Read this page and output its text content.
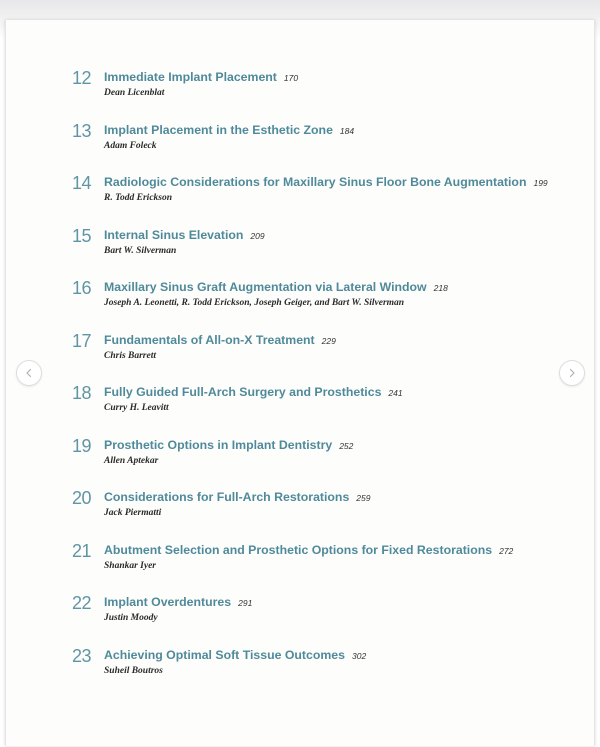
12	Immediate Implant Placement 170
Dean Licenblat
13	Implant Placement in the Esthetic Zone 184
Adam Foleck
14	Radiologic Considerations for Maxillary Sinus Floor Bone Augmentation 199
R. Todd Erickson
15	Internal Sinus Elevation 209
Bart W. Silverman
16	Maxillary Sinus Graft Augmentation via Lateral Window 218
Joseph A. Leonetti, R. Todd Erickson, Joseph Geiger, and Bart W. Silverman
17	Fundamentals of All-on-X Treatment 229
Chris Barrett
18	Fully Guided Full-Arch Surgery and Prosthetics 241
Curry H. Leavitt
19	Prosthetic Options in Implant Dentistry 252
Allen Aptekar
20	Considerations for Full-Arch Restorations 259
Jack Piermatti
21	Abutment Selection and Prosthetic Options for Fixed Restorations 272
Shankar Iyer
22	Implant Overdentures 291
Justin Moody
23	Achieving Optimal Soft Tissue Outcomes 302
Suheil Boutros
